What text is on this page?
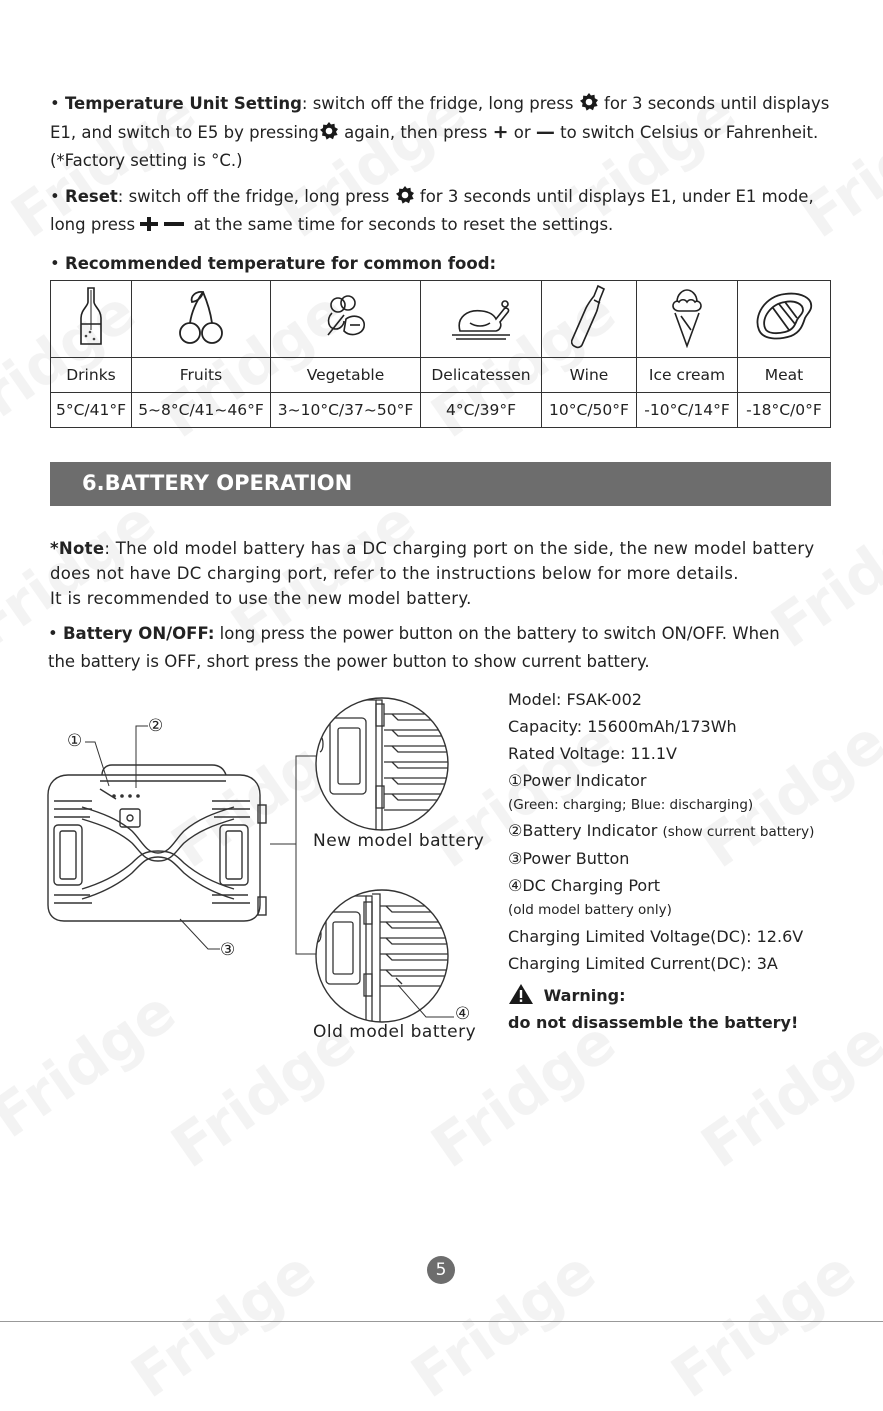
• Temperature Unit Setting: switch off the fridge, long press for 3 seconds until displays
E1, and switch to E5 by pressing again, then press + or — to switch Celsius or Fahrenheit.
(*Factory setting is °C.)
• Reset: switch off the fridge, long press for 3 seconds until displays E1, under E1 mode,
long press	at the same time for seconds to reset the settings.
• Recommended temperature for common food:

Drinks	Fruits	Vegetable	Delicatessen	Wine	Ice cream	Meat
5°C/41°F	5~8°C/41~46°F	3~10°C/37~50°F	4°C/39°F	10°C/50°F	-10°C/14°F	-18°C/0°F
6.BATTERY OPERATION
*Note: The old model battery has a DC charging port on the side, the new model battery
does not have DC charging port, refer to the instructions below for more details.
It is recommended to use the new model battery.
• Battery ON/OFF: long press the power button on the battery to switch ON/OFF. When
the battery is OFF, short press the power button to show current battery.
①
②
③
New model battery
④
Old model battery
Model: FSAK-002
Capacity: 15600mAh/173Wh
Rated Voltage: 11.1V
①Power Indicator
(Green: charging; Blue: discharging)
②Battery Indicator (show current battery)
③Power Button
④DC Charging Port
(old model battery only)
Charging Limited Voltage(DC): 12.6V
Charging Limited Current(DC): 3A
Warning:
do not disassemble the battery!
5
